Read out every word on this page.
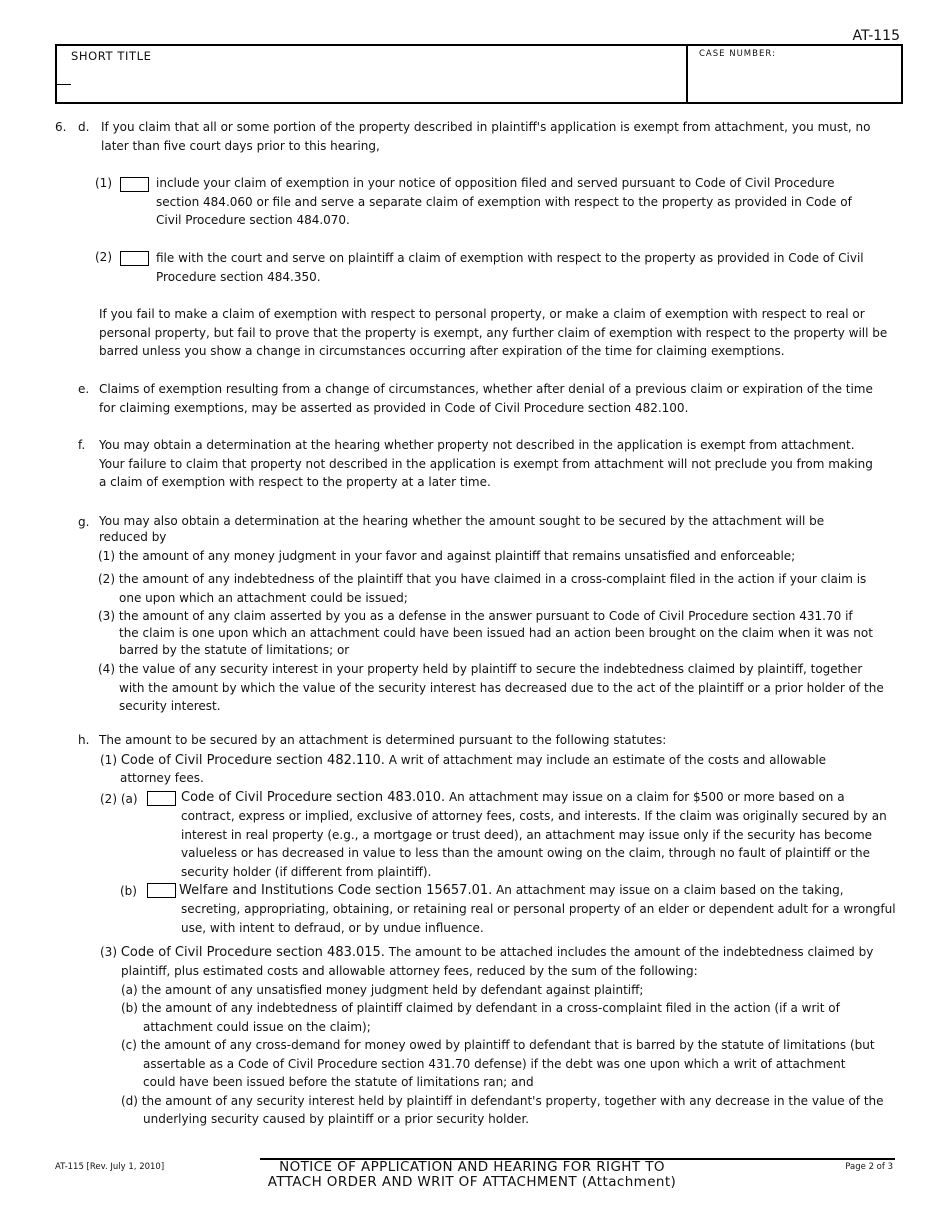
AT-115
SHORT TITLE	CASE NUMBER:
6. d. If you claim that all or some portion of the property described in plaintiff's application is exempt from attachment, you must, no
later than five court days prior to this hearing,
(1)	include your claim of exemption in your notice of opposition filed and served pursuant to Code of Civil Procedure
section 484.060 or file and serve a separate claim of exemption with respect to the property as provided in Code of
Civil Procedure section 484.070.
(2)	file with the court and serve on plaintiff a claim of exemption with respect to the property as provided in Code of Civil
Procedure section 484.350.
If you fail to make a claim of exemption with respect to personal property, or make a claim of exemption with respect to real or
personal property, but fail to prove that the property is exempt, any further claim of exemption with respect to the property will be
barred unless you show a change in circumstances occurring after expiration of the time for claiming exemptions.
e. Claims of exemption resulting from a change of circumstances, whether after denial of a previous claim or expiration of the time
for claiming exemptions, may be asserted as provided in Code of Civil Procedure section 482.100.
f. You may obtain a determination at the hearing whether property not described in the application is exempt from attachment.
Your failure to claim that property not described in the application is exempt from attachment will not preclude you from making
a claim of exemption with respect to the property at a later time.
g. You may also obtain a determination at the hearing whether the amount sought to be secured by the attachment will be
reduced by
(1) the amount of any money judgment in your favor and against plaintiff that remains unsatisfied and enforceable;
(2) the amount of any indebtedness of the plaintiff that you have claimed in a cross-complaint filed in the action if your claim is
one upon which an attachment could be issued;
(3) the amount of any claim asserted by you as a defense in the answer pursuant to Code of Civil Procedure section 431.70 if
the claim is one upon which an attachment could have been issued had an action been brought on the claim when it was not
barred by the statute of limitations; or
(4) the value of any security interest in your property held by plaintiff to secure the indebtedness claimed by plaintiff, together
with the amount by which the value of the security interest has decreased due to the act of the plaintiff or a prior holder of the
security interest.
h. The amount to be secured by an attachment is determined pursuant to the following statutes:
(1) Code of Civil Procedure section 482.110. A writ of attachment may include an estimate of the costs and allowable
attorney fees.
(2) (a)	Code of Civil Procedure section 483.010. An attachment may issue on a claim for $500 or more based on a
contract, express or implied, exclusive of attorney fees, costs, and interests. If the claim was originally secured by an
interest in real property (e.g., a mortgage or trust deed), an attachment may issue only if the security has become
valueless or has decreased in value to less than the amount owing on the claim, through no fault of plaintiff or the
security holder (if different from plaintiff).
(b)	Welfare and Institutions Code section 15657.01. An attachment may issue on a claim based on the taking,
secreting, appropriating, obtaining, or retaining real or personal property of an elder or dependent adult for a wrongful
use, with intent to defraud, or by undue influence.
(3) Code of Civil Procedure section 483.015. The amount to be attached includes the amount of the indebtedness claimed by
plaintiff, plus estimated costs and allowable attorney fees, reduced by the sum of the following:
(a) the amount of any unsatisfied money judgment held by defendant against plaintiff;
(b) the amount of any indebtedness of plaintiff claimed by defendant in a cross-complaint filed in the action (if a writ of
attachment could issue on the claim);
(c) the amount of any cross-demand for money owed by plaintiff to defendant that is barred by the statute of limitations (but
assertable as a Code of Civil Procedure section 431.70 defense) if the debt was one upon which a writ of attachment
could have been issued before the statute of limitations ran; and
(d) the amount of any security interest held by plaintiff in defendant's property, together with any decrease in the value of the
underlying security caused by plaintiff or a prior security holder.
AT-115 [Rev. July 1, 2010]	NOTICE OF APPLICATION AND HEARING FOR RIGHT TO
ATTACH ORDER AND WRIT OF ATTACHMENT (Attachment)
Page 2 of 3
